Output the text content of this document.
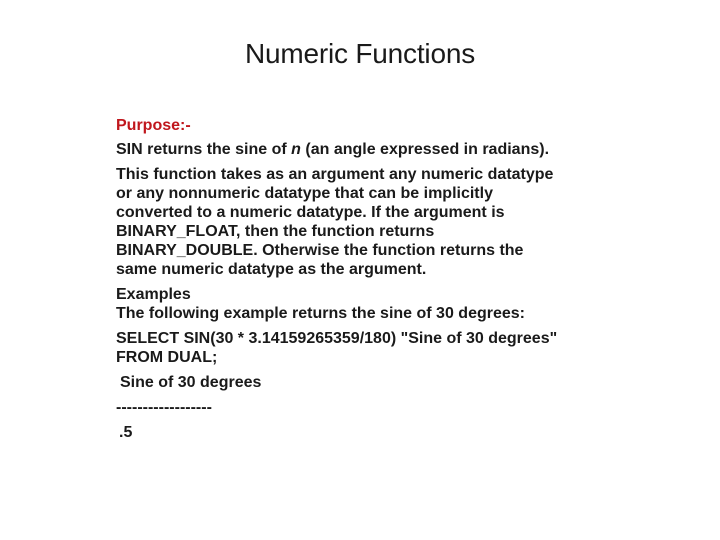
Numeric Functions
Purpose:-
SIN returns the sine of n (an angle expressed in radians).
This function takes as an argument any numeric datatype
or any nonnumeric datatype that can be implicitly
converted to a numeric datatype. If the argument is
BINARY_FLOAT, then the function returns
BINARY_DOUBLE. Otherwise the function returns the
same numeric datatype as the argument.
Examples
The following example returns the sine of 30 degrees:
SELECT SIN(30 * 3.14159265359/180) "Sine of 30 degrees"
FROM DUAL;
Sine of 30 degrees
------------------
.5
